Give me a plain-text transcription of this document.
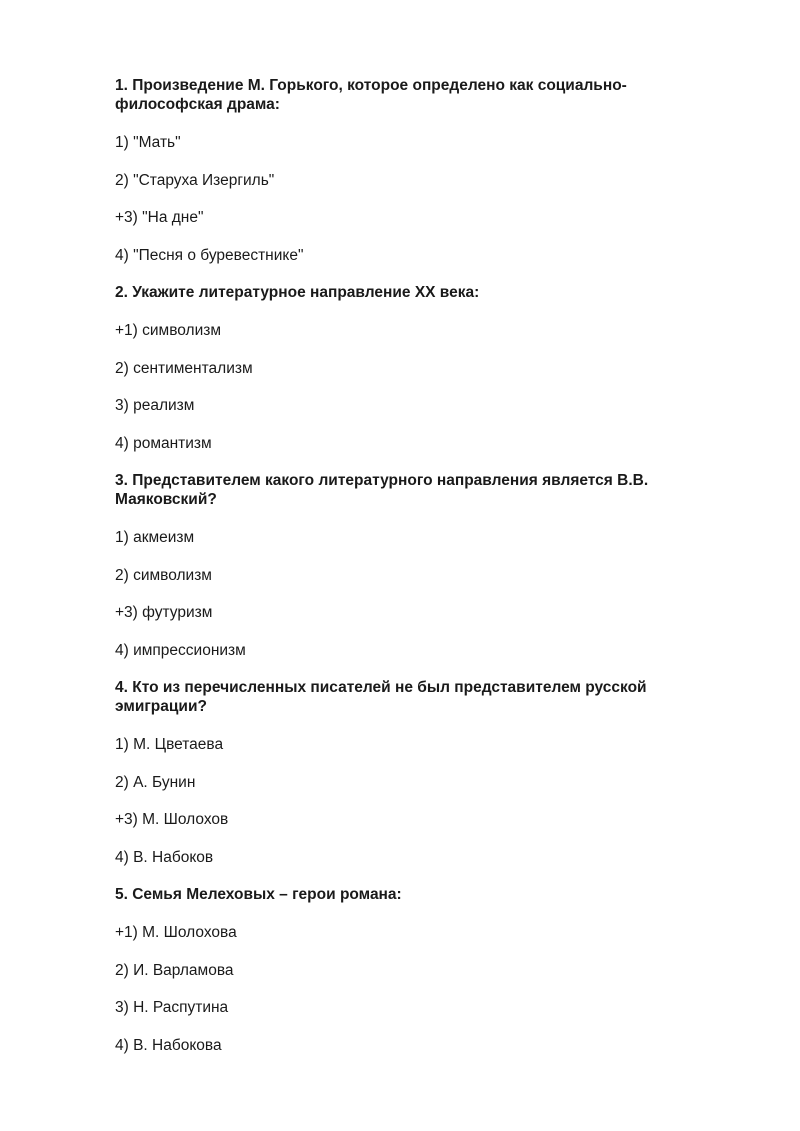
1. Произведение М. Горького, которое определено как социально-философская драма:

1) "Мать"

2) "Старуха Изергиль"

+3) "На дне"

4) "Песня о буревестнике"

2. Укажите литературное направление XX века:

+1) символизм

2) сентиментализм

3) реализм

4) романтизм

3. Представителем какого литературного направления является В.В. Маяковский?

1) акмеизм

2) символизм

+3) футуризм

4) импрессионизм

4. Кто из перечисленных писателей не был представителем русской эмиграции?

1) М. Цветаева

2) А. Бунин

+3) М. Шолохов

4) В. Набоков

5. Семья Мелеховых – герои романа:

+1) М. Шолохова

2) И. Варламова

3) Н. Распутина

4) В. Набокова
